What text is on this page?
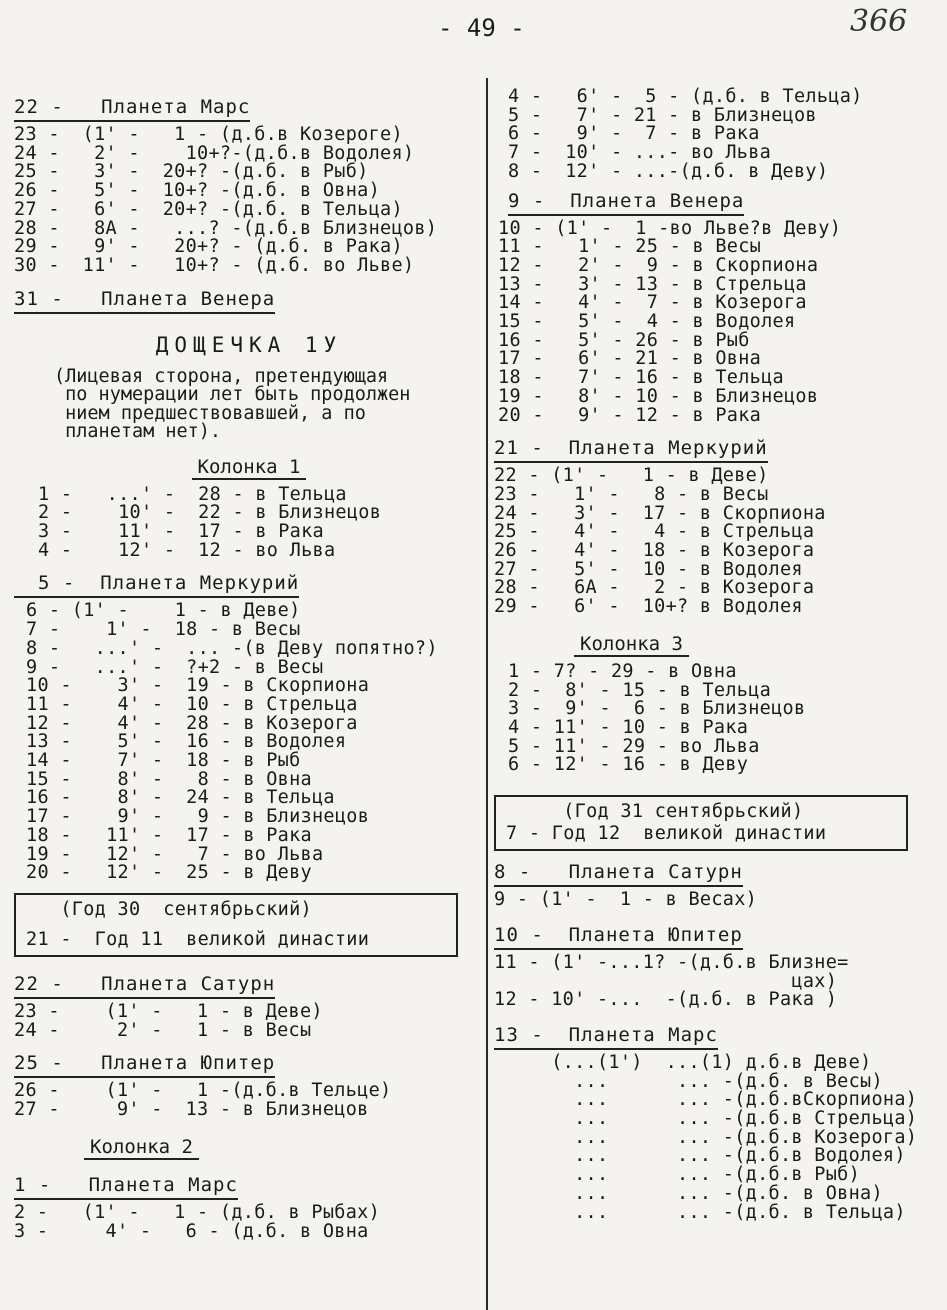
- 49 -	366
22 -   Планета Марс
23 -  (1' -   1 - (д.б.в Козероге)
24 -   2' -    10+?-(д.б.в Водолея)
25 -   3' -  20+? -(д.б. в Рыб)
26 -   5' -  10+? -(д.б. в Овна)
27 -   6' -  20+? -(д.б. в Тельца)
28 -   8А -   ...? -(д.б.в Близнецов)
29 -   9' -   20+? - (д.б. в Рака)
30 -  11' -   10+? - (д.б. во Льве)
31 -   Планета Венера
ДОЩЕЧКА 1У
(Лицевая сторона, претендующая
по нумерации лет быть продолжен
нием предшествовавшей, а по
планетам нет).
Колонка 1
1 -   ...' -  28 - в Тельца
2 -    10' -  22 - в Близнецов
3 -    11' -  17 - в Рака
4 -    12' -  12 - во Льва
5 -  Планета Меркурий
6 - (1' -    1 - в Деве)
7 -    1' -  18 - в Весы
8 -   ...' -  ... -(в Деву попятно?)
9 -   ...' -  ?+2 - в Весы
10 -    3' -  19 - в Скорпиона
11 -    4' -  10 - в Стрельца
12 -    4' -  28 - в Козерога
13 -    5' -  16 - в Водолея
14 -    7' -  18 - в Рыб
15 -    8' -   8 - в Овна
16 -    8' -  24 - в Тельца
17 -    9' -   9 - в Близнецов
18 -   11' -  17 - в Рака
19 -   12' -   7 - во Льва
20 -   12' -  25 - в Деву
(Год 30  сентябрьский)
21 -  Год 11  великой династии
22 -   Планета Сатурн
23 -    (1' -   1 - в Деве)
24 -     2' -   1 - в Весы
25 -   Планета Юпитер
26 -    (1' -   1 -(д.б.в Тельце)
27 -     9' -  13 - в Близнецов
Колонка 2
1 -   Планета Марс
2 -   (1' -   1 - (д.б. в Рыбах)
3 -     4' -   6 - (д.б. в Овна
4 -   6' -  5 - (д.б. в Тельца)
5 -   7' - 21 - в Близнецов
6 -   9' -  7 - в Рака
7 -  10' - ...- во Льва
8 -  12' - ...-(д.б. в Деву)
9 -  Планета Венера
10 - (1' -  1 -во Льве?в Деву)
11 -   1' - 25 - в Весы
12 -   2' -  9 - в Скорпиона
13 -   3' - 13 - в Стрельца
14 -   4' -  7 - в Козерога
15 -   5' -  4 - в Водолея
16 -   5' - 26 - в Рыб
17 -   6' - 21 - в Овна
18 -   7' - 16 - в Тельца
19 -   8' - 10 - в Близнецов
20 -   9' - 12 - в Рака
21 -  Планета Меркурий
22 - (1' -   1 - в Деве)
23 -   1' -   8 - в Весы
24 -   3' -  17 - в Скорпиона
25 -   4' -   4 - в Стрельца
26 -   4' -  18 - в Козерога
27 -   5' -  10 - в Водолея
28 -   6А -   2 - в Козерога
29 -   6' -  10+? в Водолея
Колонка 3
1 - 7? - 29 - в Овна
2 -  8' - 15 - в Тельца
3 -  9' -  6 - в Близнецов
4 - 11' - 10 - в Рака
5 - 11' - 29 - во Льва
6 - 12' - 16 - в Деву
(Год 31 сентябрьский)
7 - Год 12  великой династии
8 -   Планета Сатурн
9 - (1' -  1 - в Весах)
10 -  Планета Юпитер
11 - (1' -...1? -(д.б.в Близне=
цах)
12 - 10' -...  -(д.б. в Рака )
13 -  Планета Марс
(...(1')  ...(1) д.б.в Деве)
...      ... -(д.б. в Весы)
...      ... -(д.б.вСкорпиона)
...      ... -(д.б.в Стрельца)
...      ... -(д.б.в Козерога)
...      ... -(д.б.в Водолея)
...      ... -(д.б.в Рыб)
...      ... -(д.б. в Овна)
...      ... -(д.б. в Тельца)
